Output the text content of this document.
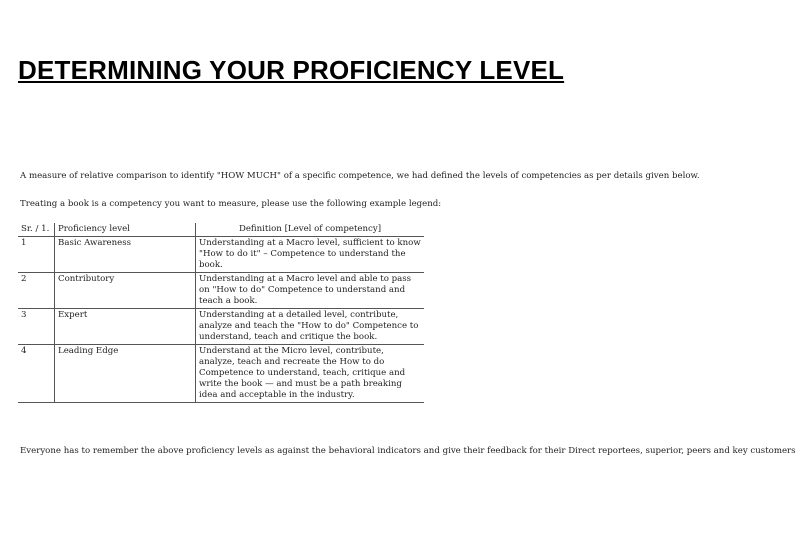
DETERMINING YOUR PROFICIENCY LEVEL
A measure of relative comparison to identify "HOW MUCH" of a specific competence, we had defined the levels of competencies as per details given below.
Treating a book is a competency you want to measure, please use the following example legend:
Sr. / 1.	Proficiency level	Definition [Level of competency]
1	Basic Awareness	Understanding at a Macro level, sufficient to know "How to do it" – Competence to understand the book.
2	Contributory	Understanding at a Macro level and able to pass on "How to do" Competence to understand and teach a book.
3	Expert	Understanding at a detailed level, contribute, analyze and teach the "How to do" Competence to understand, teach and critique the book.
4	Leading Edge	Understand at the Micro level, contribute, analyze, teach and recreate the How to do Competence to understand, teach, critique and write the book — and must be a path breaking idea and acceptable in the industry.
Everyone has to remember the above proficiency levels as against the behavioral indicators and give their feedback for their Direct reportees, superior, peers and key customers
